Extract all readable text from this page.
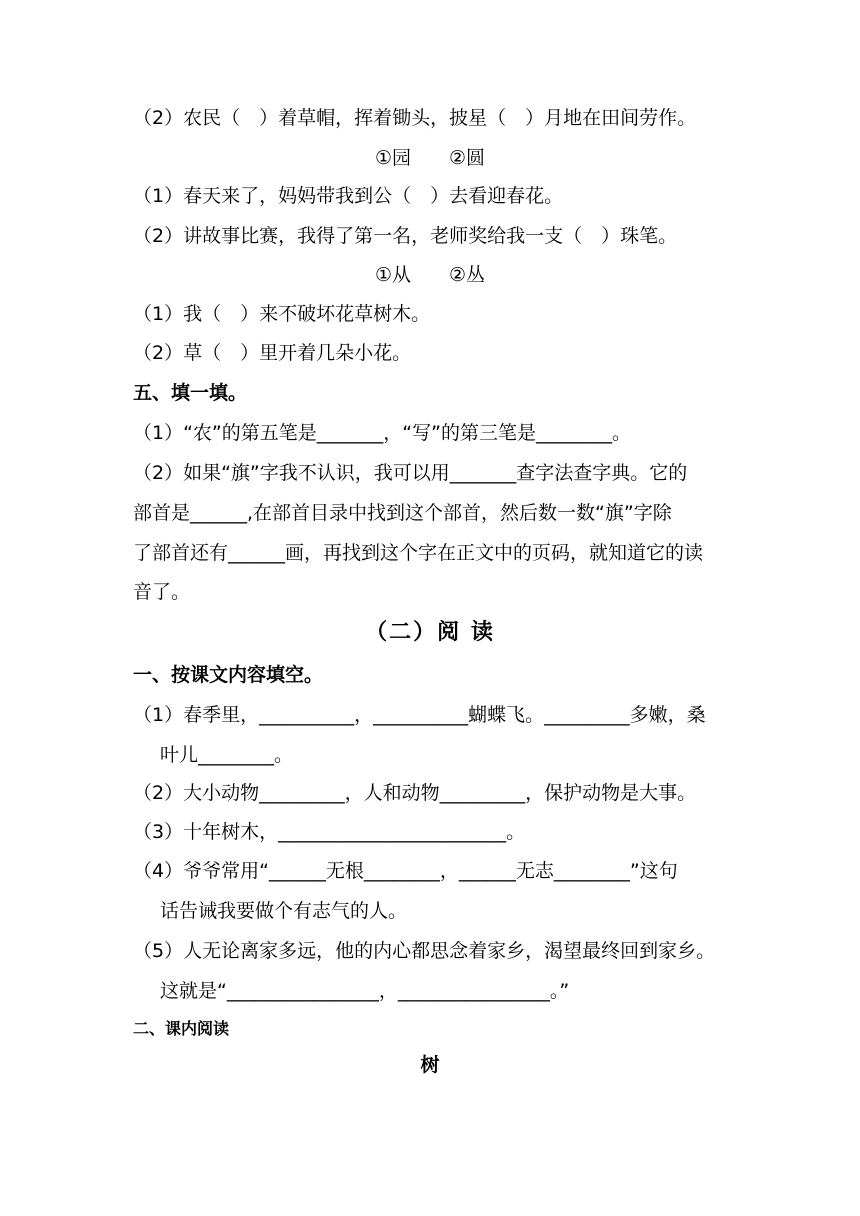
（2）农民（　）着草帽，挥着锄头，披星（　）月地在田间劳作。
①园　　②圆
（1）春天来了，妈妈带我到公（　）去看迎春花。
（2）讲故事比赛，我得了第一名，老师奖给我一支（　）珠笔。
①从　　②丛
（1）我（　）来不破坏花草树木。
（2）草（　）里开着几朵小花。
五、填一填。
（1）“农”的第五笔是_______，“写”的第三笔是________。
（2）如果“旗”字我不认识，我可以用_______查字法查字典。它的
部首是______,在部首目录中找到这个部首，然后数一数“旗”字除
了部首还有______画，再找到这个字在正文中的页码，就知道它的读
音了。
（二）阅 读
一、按课文内容填空。
（1）春季里，__________，__________蝴蝶飞。_________多嫩，桑
叶儿________。
（2）大小动物_________，人和动物_________，保护动物是大事。
（3）十年树木，________________________。
（4）爷爷常用“______无根________，______无志________”这句
话告诫我要做个有志气的人。
（5）人无论离家多远，他的内心都思念着家乡，渴望最终回到家乡。
这就是“________________，________________。”
二、课内阅读
树
